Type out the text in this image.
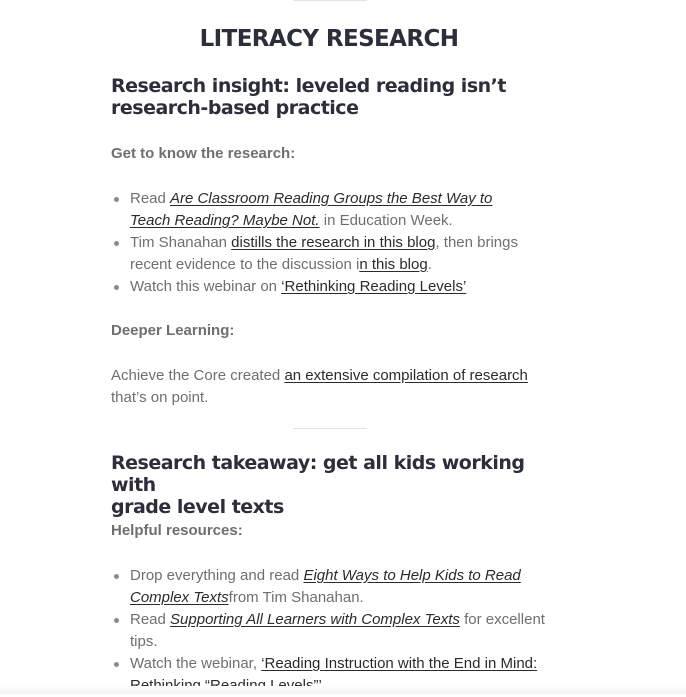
LITERACY RESEARCH
Research insight: leveled reading isn’t
research-based practice

Get to know the research:

Read Are Classroom Reading Groups the Best Way to Teach Reading? Maybe Not. in Education Week.
Tim Shanahan distills the research in this blog, then brings recent evidence to the discussion in this blog.
Watch this webinar on ‘Rethinking Reading Levels’

Deeper Learning:

Achieve the Core created an extensive compilation of research that’s on point.

Research takeaway: get all kids working with
grade level texts

Helpful resources:

Drop everything and read Eight Ways to Help Kids to Read Complex Textsfrom Tim Shanahan.
Read Supporting All Learners with Complex Texts for excellent tips.
Watch the webinar, ‘Reading Instruction with the End in Mind:
